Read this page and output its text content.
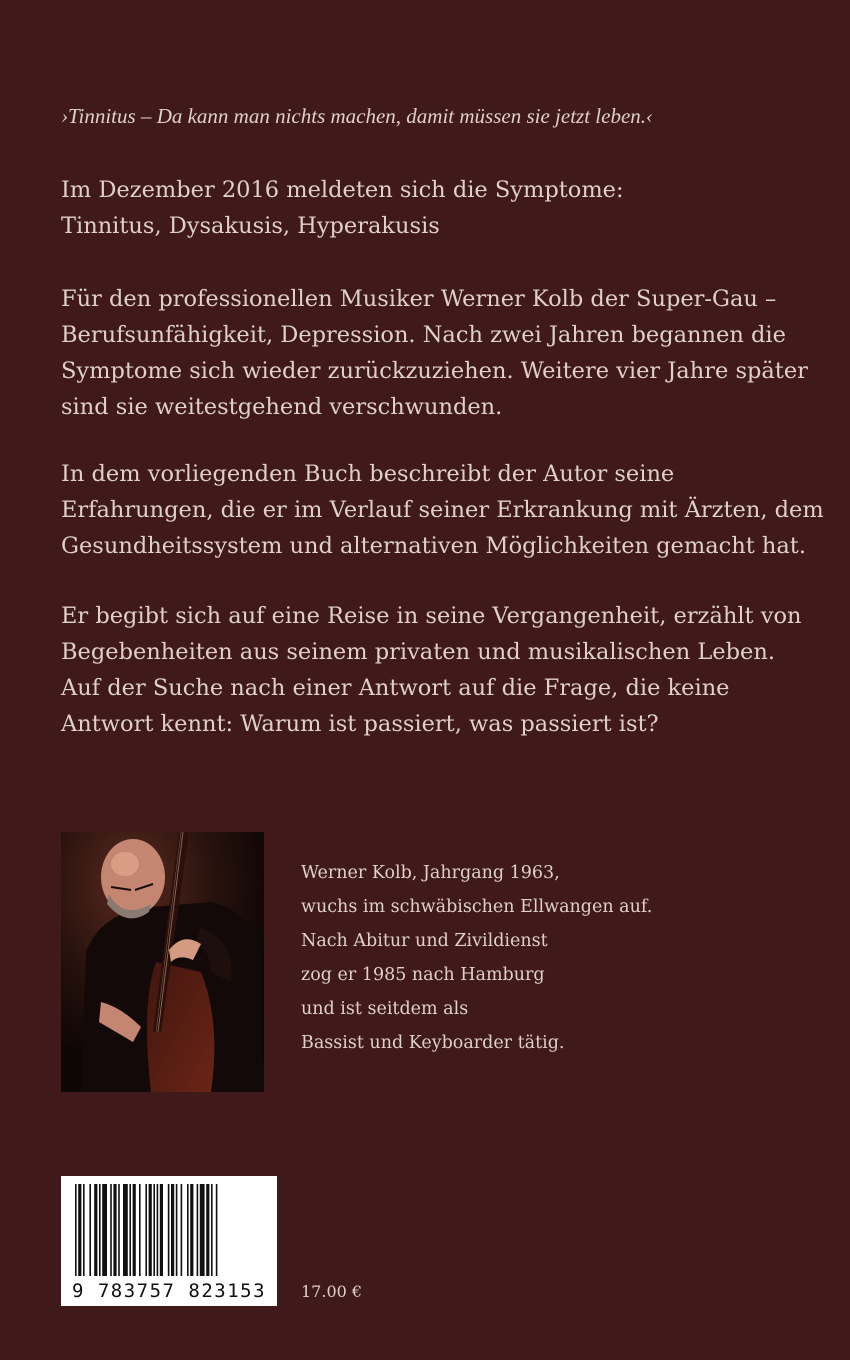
›Tinnitus – Da kann man nichts machen, damit müssen sie jetzt leben.‹

Im Dezember 2016 meldeten sich die Symptome:
Tinnitus, Dysakusis, Hyperakusis

Für den professionellen Musiker Werner Kolb der Super-Gau –
Berufsunfähigkeit, Depression. Nach zwei Jahren begannen die
Symptome sich wieder zurückzuziehen. Weitere vier Jahre später
sind sie weitestgehend verschwunden.

In dem vorliegenden Buch beschreibt der Autor seine
Erfahrungen, die er im Verlauf seiner Erkrankung mit Ärzten, dem
Gesundheitssystem und alternativen Möglichkeiten gemacht hat.

Er begibt sich auf eine Reise in seine Vergangenheit, erzählt von
Begebenheiten aus seinem privaten und musikalischen Leben.
Auf der Suche nach einer Antwort auf die Frage, die keine
Antwort kennt: Warum ist passiert, was passiert ist?

Werner Kolb, Jahrgang 1963,
wuchs im schwäbischen Ellwangen auf.
Nach Abitur und Zivildienst
zog er 1985 nach Hamburg
und ist seitdem als
Bassist und Keyboarder tätig.

9 783757 823153	17.00 €
